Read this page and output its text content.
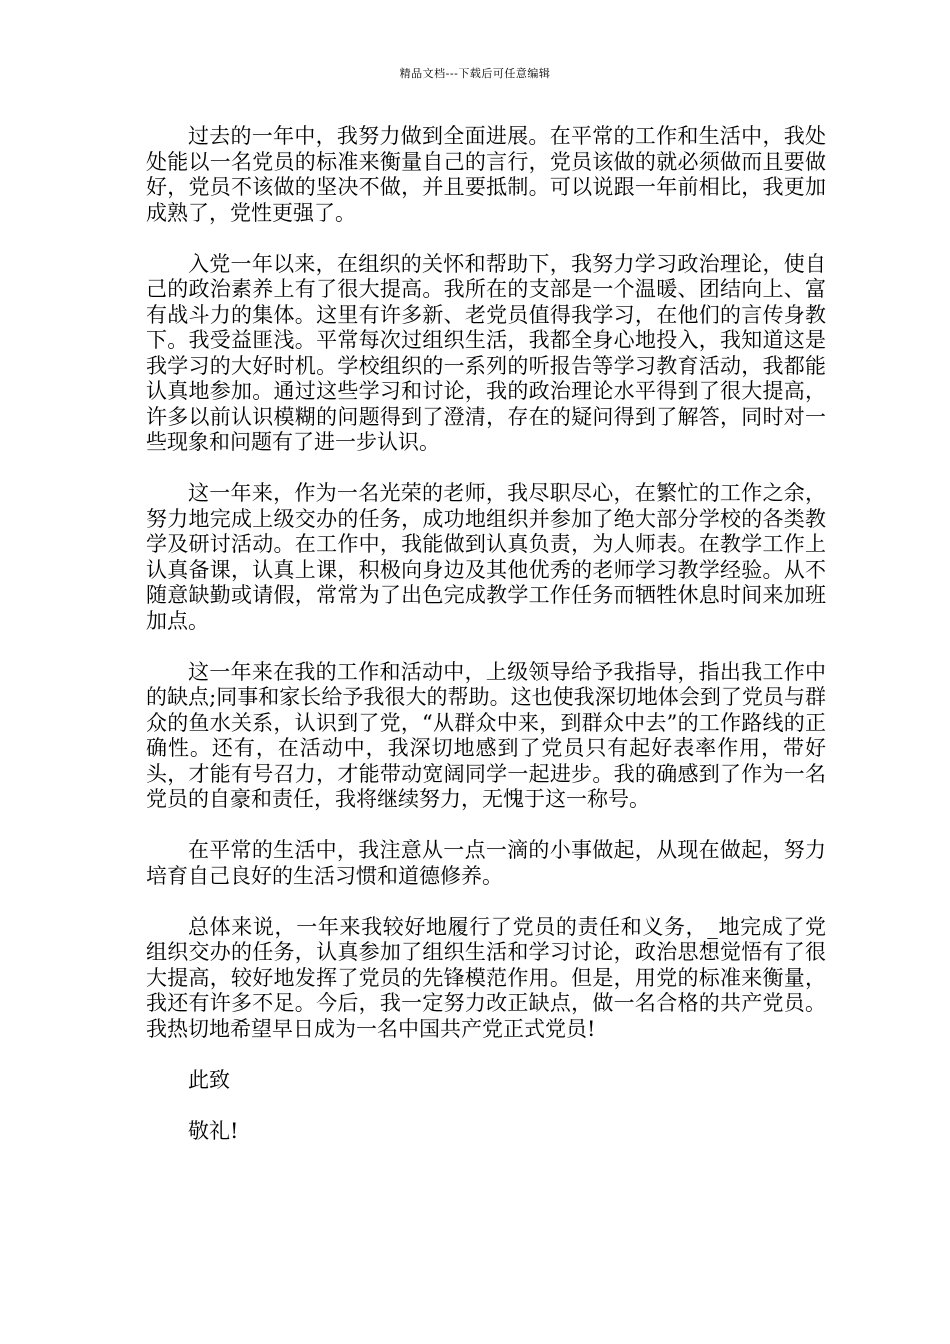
精品文档---下载后可任意编辑

过去的一年中，我努力做到全面进展。在平常的工作和生活中，我处处能以一名党员的标准来衡量自己的言行，党员该做的就必须做而且要做好，党员不该做的坚决不做，并且要抵制。可以说跟一年前相比，我更加成熟了，党性更强了。

入党一年以来，在组织的关怀和帮助下，我努力学习政治理论，使自己的政治素养上有了很大提高。我所在的支部是一个温暖、团结向上、富有战斗力的集体。这里有许多新、老党员值得我学习，在他们的言传身教下。我受益匪浅。平常每次过组织生活，我都全身心地投入，我知道这是我学习的大好时机。学校组织的一系列的听报告等学习教育活动，我都能认真地参加。通过这些学习和讨论，我的政治理论水平得到了很大提高，许多以前认识模糊的问题得到了澄清，存在的疑问得到了解答，同时对一些现象和问题有了进一步认识。

这一年来，作为一名光荣的老师，我尽职尽心，在繁忙的工作之余，努力地完成上级交办的任务，成功地组织并参加了绝大部分学校的各类教学及研讨活动。在工作中，我能做到认真负责，为人师表。在教学工作上认真备课，认真上课，积极向身边及其他优秀的老师学习教学经验。从不随意缺勤或请假，常常为了出色完成教学工作任务而牺牲休息时间来加班加点。

这一年来在我的工作和活动中，上级领导给予我指导，指出我工作中的缺点;同事和家长给予我很大的帮助。这也使我深切地体会到了党员与群众的鱼水关系，认识到了党，“从群众中来，到群众中去”的工作路线的正确性。还有，在活动中，我深切地感到了党员只有起好表率作用，带好头，才能有号召力，才能带动宽阔同学一起进步。我的确感到了作为一名党员的自豪和责任，我将继续努力，无愧于这一称号。

在平常的生活中，我注意从一点一滴的小事做起，从现在做起，努力培育自己良好的生活习惯和道德修养。

总体来说，一年来我较好地履行了党员的责任和义务，_地完成了党组织交办的任务，认真参加了组织生活和学习讨论，政治思想觉悟有了很大提高，较好地发挥了党员的先锋模范作用。但是，用党的标准来衡量，我还有许多不足。今后，我一定努力改正缺点，做一名合格的共产党员。我热切地希望早日成为一名中国共产党正式党员!

此致

敬礼!
